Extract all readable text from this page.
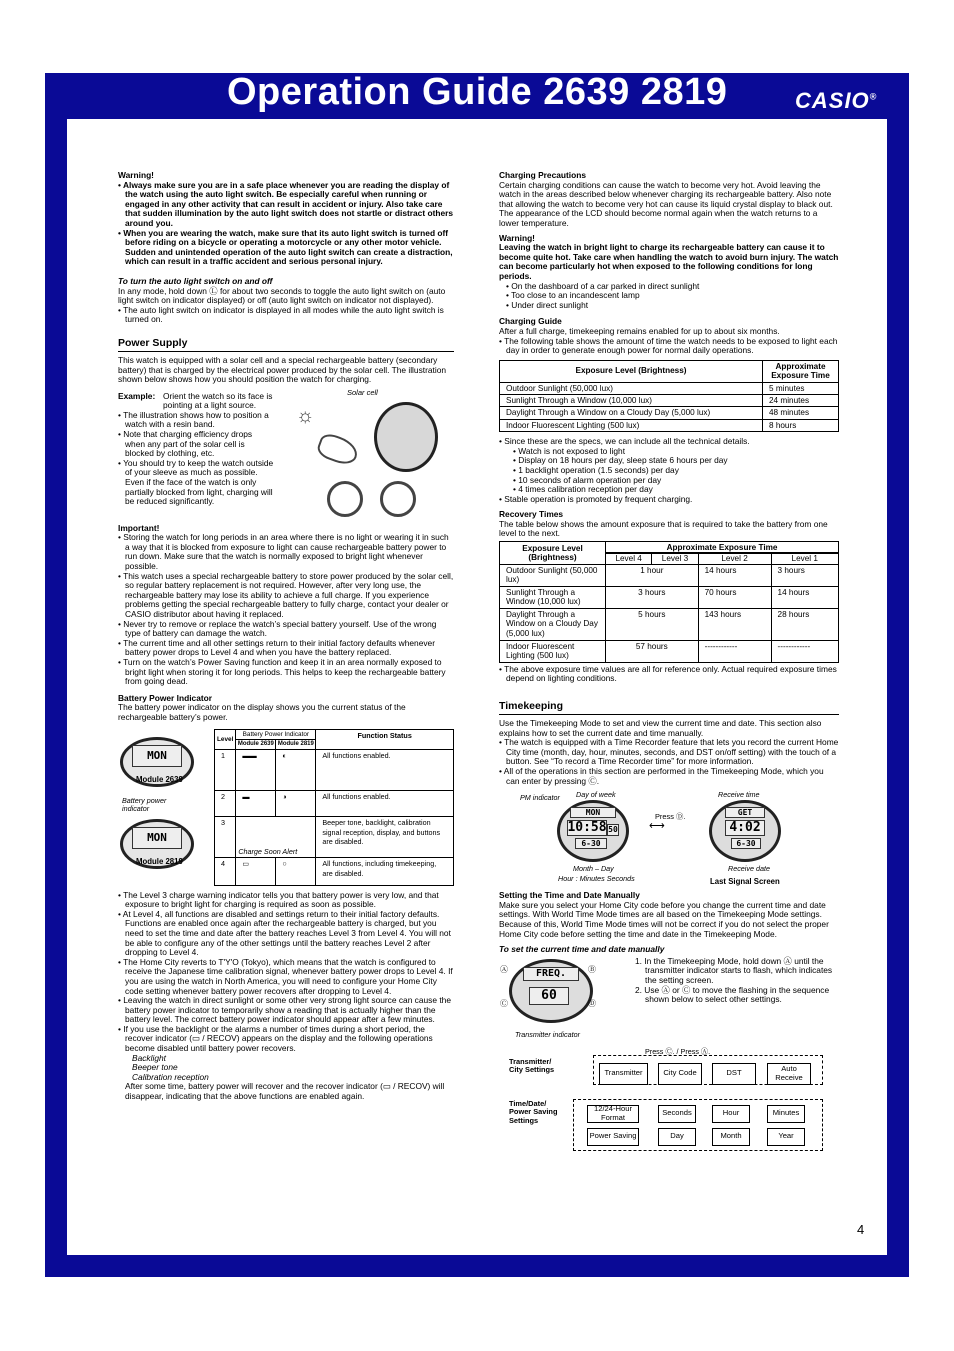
Operation Guide 2639 2819	CASIO®
Warning!
• Always make sure you are in a safe place whenever you are reading the display of the watch using the auto light switch. Be especially careful when running or engaged in any other activity that can result in accident or injury. Also take care that sudden illumination by the auto light switch does not startle or distract others around you.
• When you are wearing the watch, make sure that its auto light switch is turned off before riding on a bicycle or operating a motorcycle or any other motor vehicle. Sudden and unintended operation of the auto light switch can create a distraction, which can result in a traffic accident and serious personal injury.
To turn the auto light switch on and off
In any mode, hold down Ⓛ for about two seconds to toggle the auto light switch on (auto light switch on indicator displayed) or off (auto light switch on indicator not displayed).
• The auto light switch on indicator is displayed in all modes while the auto light switch is turned on.
Power Supply
This watch is equipped with a solar cell and a special rechargeable battery (secondary battery) that is charged by the electrical power produced by the solar cell. The illustration shown below shows how you should position the watch for charging.
Example: Orient the watch so its face is pointing at a light source.
• The illustration shows how to position a watch with a resin band.
• Note that charging efficiency drops when any part of the solar cell is blocked by clothing, etc.
• You should try to keep the watch outside of your sleeve as much as possible. Even if the face of the watch is only partially blocked from light, charging will be reduced significantly.
Solar cell
☼
Important!
• Storing the watch for long periods in an area where there is no light or wearing it in such a way that it is blocked from exposure to light can cause rechargeable battery power to run down. Make sure that the watch is normally exposed to bright light whenever possible.
• This watch uses a special rechargeable battery to store power produced by the solar cell, so regular battery replacement is not required. However, after very long use, the rechargeable battery may lose its ability to achieve a full charge. If you experience problems getting the special rechargeable battery to fully charge, contact your dealer or CASIO distributor about having it replaced.
• Never try to remove or replace the watch’s special battery yourself. Use of the wrong type of battery can damage the watch.
• The current time and all other settings return to their initial factory defaults whenever battery power drops to Level 4 and when you have the battery replaced.
• Turn on the watch’s Power Saving function and keep it in an area normally exposed to bright light when storing it for long periods. This helps to keep the rechargeable battery from going dead.
Battery Power Indicator
The battery power indicator on the display shows you the current status of the rechargeable battery’s power.
MON
Module 2639
Battery power indicator
MON
Module 2819
Level	Battery Power Indicator		Function Status
	Module 2639	Module 2819	
1	▬▬	◐	All functions enabled.
2	▬	◑	All functions enabled.
3	Charge Soon Alert		Beeper tone, backlight, calibration signal reception, display, and buttons are disabled.
4	▭	○	All functions, including timekeeping, are disabled.
• The Level 3 charge warning indicator tells you that battery power is very low, and that exposure to bright light for charging is required as soon as possible.
• At Level 4, all functions are disabled and settings return to their initial factory defaults. Functions are enabled once again after the rechargeable battery is charged, but you need to set the time and date after the battery reaches Level 3 from Level 4. You will not be able to configure any of the other settings until the battery reaches Level 2 after dropping to Level 4.
• The Home City reverts to T'Y'O (Tokyo), which means that the watch is configured to receive the Japanese time calibration signal, whenever battery power drops to Level 4. If you are using the watch in North America, you will need to configure your Home City code setting whenever battery power recovers after dropping to Level 4.
• Leaving the watch in direct sunlight or some other very strong light source can cause the battery power indicator to temporarily show a reading that is actually higher than the battery level. The correct battery power indicator should appear after a few minutes.
• If you use the backlight or the alarms a number of times during a short period, the recover indicator (▭ / RECOV) appears on the display and the following operations become disabled until battery power recovers.
Backlight
Beeper tone
Calibration reception
After some time, battery power will recover and the recover indicator (▭ / RECOV) will disappear, indicating that the above functions are enabled again.
Charging Precautions
Certain charging conditions can cause the watch to become very hot. Avoid leaving the watch in the areas described below whenever charging its rechargeable battery. Also note that allowing the watch to become very hot can cause its liquid crystal display to black out. The appearance of the LCD should become normal again when the watch returns to a lower temperature.
Warning!
Leaving the watch in bright light to charge its rechargeable battery can cause it to become quite hot. Take care when handling the watch to avoid burn injury. The watch can become particularly hot when exposed to the following conditions for long periods.
• On the dashboard of a car parked in direct sunlight
• Too close to an incandescent lamp
• Under direct sunlight
Charging Guide
After a full charge, timekeeping remains enabled for up to about six months.
• The following table shows the amount of time the watch needs to be exposed to light each day in order to generate enough power for normal daily operations.
Exposure Level (Brightness)	Approximate Exposure Time
Outdoor Sunlight (50,000 lux)	5 minutes
Sunlight Through a Window (10,000 lux)	24 minutes
Daylight Through a Window on a Cloudy Day (5,000 lux)	48 minutes
Indoor Fluorescent Lighting (500 lux)	8 hours
• Since these are the specs, we can include all the technical details.
• Watch is not exposed to light
• Display on 18 hours per day, sleep state 6 hours per day
• 1 backlight operation (1.5 seconds) per day
• 10 seconds of alarm operation per day
• 4 times calibration reception per day
• Stable operation is promoted by frequent charging.
Recovery Times
The table below shows the amount exposure that is required to take the battery from one level to the next.
Exposure Level (Brightness)	Approximate Exposure Time			
	Level 4	Level 3	Level 2	Level 1
Outdoor Sunlight (50,000 lux)	1 hour		14 hours	3 hours
Sunlight Through a Window (10,000 lux)	3 hours		70 hours	14 hours
Daylight Through a Window on a Cloudy Day (5,000 lux)	5 hours		143 hours	28 hours
Indoor Fluorescent Lighting (500 lux)	57 hours		------------	------------
• The above exposure time values are all for reference only. Actual required exposure times depend on lighting conditions.
Timekeeping
Use the Timekeeping Mode to set and view the current time and date. This section also explains how to set the current date and time manually.
• The watch is equipped with a Time Recorder feature that lets you record the current Home City time (month, day, hour, minutes, seconds, and DST on/off setting) with the touch of a button. See “To record a Time Recorder time” for more information.
• All of the operations in this section are performed in the Timekeeping Mode, which you can enter by pressing Ⓒ.
PM indicator Day of week
MON
10:58 50
6-30
Month – Day
Hour : Minutes Seconds
Press Ⓓ.
⟷
Receive time
GET
4:02
6-30
Receive date
Last Signal Screen
Setting the Time and Date Manually
Make sure you select your Home City code before you change the current time and date settings. With World Time Mode times are all based on the Timekeeping Mode settings. Because of this, World Time Mode times will not be correct if you do not select the proper Home City code before setting the time and date in the Timekeeping Mode.
To set the current time and date manually
FREQ.
60
Ⓐ	Ⓑ
Ⓒ	Ⓓ
Transmitter indicator
1. In the Timekeeping Mode, hold down Ⓐ until the transmitter indicator starts to flash, which indicates the setting screen.
2. Use Ⓐ or Ⓒ to move the flashing in the sequence shown below to select other settings.
Press Ⓒ. / Press Ⓐ.
Transmitter/ City Settings	Transmitter	City Code	DST	Auto Receive
Time/Date/ Power Saving Settings
12/24-Hour Format	Seconds	Hour	Minutes
Power Saving	Day	Month	Year
4
